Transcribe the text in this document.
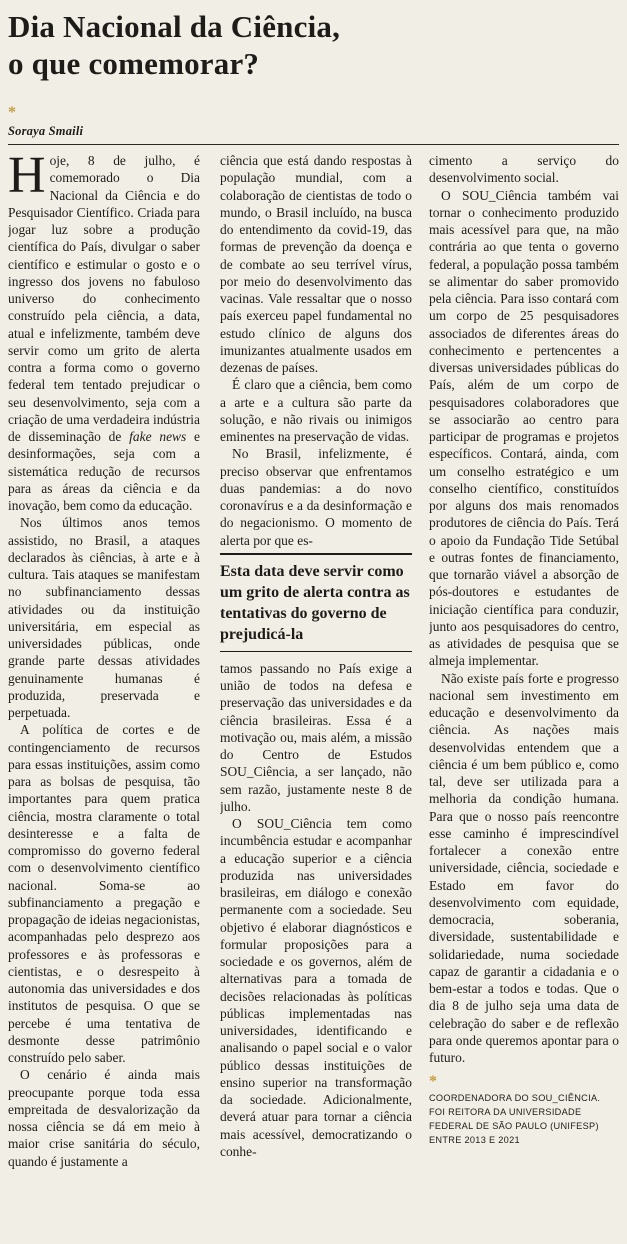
Dia Nacional da Ciência,
o que comemorar?
*
Soraya Smaili

Hoje, 8 de julho, é comemorado o Dia Nacional da Ciência e do Pesquisador Científico. Criada para jogar luz sobre a produção científica do País, divulgar o saber científico e estimular o gosto e o ingresso dos jovens no fabuloso universo do conhecimento construído pela ciência, a data, atual e infelizmente, também deve servir como um grito de alerta contra a forma como o governo federal tem tentado prejudicar o seu desenvolvimento, seja com a criação de uma verdadeira indústria de disseminação de fake news e desinformações, seja com a sistemática redução de recursos para as áreas da ciência e da inovação, bem como da educação.

Nos últimos anos temos assistido, no Brasil, a ataques declarados às ciências, à arte e à cultura. Tais ataques se manifestam no subfinanciamento dessas atividades ou da instituição universitária, em especial as universidades públicas, onde grande parte dessas atividades genuinamente humanas é produzida, preservada e perpetuada.

A política de cortes e de contingenciamento de recursos para essas instituições, assim como para as bolsas de pesquisa, tão importantes para quem pratica ciência, mostra claramente o total desinteresse e a falta de compromisso do governo federal com o desenvolvimento científico nacional. Soma-se ao subfinanciamento a pregação e propagação de ideias negacionistas, acompanhadas pelo desprezo aos professores e às professoras e cientistas, e o desrespeito à autonomia das universidades e dos institutos de pesquisa. O que se percebe é uma tentativa de desmonte desse patrimônio construído pelo saber.

O cenário é ainda mais preocupante porque toda essa empreitada de desvalorização da nossa ciência se dá em meio à maior crise sanitária do século, quando é justamente a

ciência que está dando respostas à população mundial, com a colaboração de cientistas de todo o mundo, o Brasil incluído, na busca do entendimento da covid-19, das formas de prevenção da doença e de combate ao seu terrível vírus, por meio do desenvolvimento das vacinas. Vale ressaltar que o nosso país exerceu papel fundamental no estudo clínico de alguns dos imunizantes atualmente usados em dezenas de países.

É claro que a ciência, bem como a arte e a cultura são parte da solução, e não rivais ou inimigos eminentes na preservação de vidas.

No Brasil, infelizmente, é preciso observar que enfrentamos duas pandemias: a do novo coronavírus e a da desinformação e do negacionismo. O momento de alerta por que es-

Esta data deve servir como um grito de alerta contra as tentativas do governo de prejudicá-la

tamos passando no País exige a união de todos na defesa e preservação das universidades e da ciência brasileiras. Essa é a motivação ou, mais além, a missão do Centro de Estudos SOU_Ciência, a ser lançado, não sem razão, justamente neste 8 de julho.

O SOU_Ciência tem como incumbência estudar e acompanhar a educação superior e a ciência produzida nas universidades brasileiras, em diálogo e conexão permanente com a sociedade. Seu objetivo é elaborar diagnósticos e formular proposições para a sociedade e os governos, além de alternativas para a tomada de decisões relacionadas às políticas públicas implementadas nas universidades, identificando e analisando o papel social e o valor público dessas instituições de ensino superior na transformação da sociedade. Adicionalmente, deverá atuar para tornar a ciência mais acessível, democratizando o conhe-

cimento a serviço do desenvolvimento social.

O SOU_Ciência também vai tornar o conhecimento produzido mais acessível para que, na mão contrária ao que tenta o governo federal, a população possa também se alimentar do saber promovido pela ciência. Para isso contará com um corpo de 25 pesquisadores associados de diferentes áreas do conhecimento e pertencentes a diversas universidades públicas do País, além de um corpo de pesquisadores colaboradores que se associarão ao centro para participar de programas e projetos específicos. Contará, ainda, com um conselho estratégico e um conselho científico, constituídos por alguns dos mais renomados produtores de ciência do País. Terá o apoio da Fundação Tide Setúbal e outras fontes de financiamento, que tornarão viável a absorção de pós-doutores e estudantes de iniciação científica para conduzir, junto aos pesquisadores do centro, as atividades de pesquisa que se almeja implementar.

Não existe país forte e progresso nacional sem investimento em educação e desenvolvimento da ciência. As nações mais desenvolvidas entendem que a ciência é um bem público e, como tal, deve ser utilizada para a melhoria da condição humana. Para que o nosso país reencontre esse caminho é imprescindível fortalecer a conexão entre universidade, ciência, sociedade e Estado em favor do desenvolvimento com equidade, democracia, soberania, diversidade, sustentabilidade e solidariedade, numa sociedade capaz de garantir a cidadania e o bem-estar a todos e todas. Que o dia 8 de julho seja uma data de celebração do saber e de reflexão para onde queremos apontar para o futuro.

*
COORDENADORA DO SOU_CIÊNCIA.
FOI REITORA DA UNIVERSIDADE
FEDERAL DE SÃO PAULO (UNIFESP)
ENTRE 2013 E 2021
